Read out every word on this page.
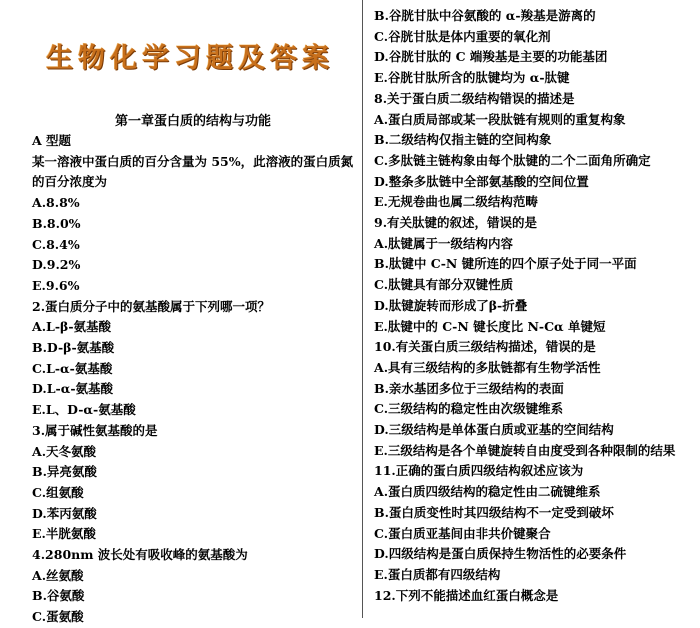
生物化学习题及答案
第一章蛋白质的结构与功能
A 型题
某一溶液中蛋白质的百分含量为 55%，此溶液的蛋白质氮的百分浓度为
A.8.8%
B.8.0%
C.8.4%
D.9.2%
E.9.6%
2.蛋白质分子中的氨基酸属于下列哪一项？
A.L-β-氨基酸
B.D-β-氨基酸
C.L-α-氨基酸
D.L-α-氨基酸
E.L、D-α-氨基酸
3.属于碱性氨基酸的是
A.天冬氨酸
B.异亮氨酸
C.组氨酸
D.苯丙氨酸
E.半胱氨酸
4.280nm 波长处有吸收峰的氨基酸为
A.丝氨酸
B.谷氨酸
C.蛋氨酸
B.谷胱甘肽中谷氨酸的 α-羧基是游离的
C.谷胱甘肽是体内重要的氧化剂
D.谷胱甘肽的 C 端羧基是主要的功能基团
E.谷胱甘肽所含的肽键均为 α-肽键
8.关于蛋白质二级结构错误的描述是
A.蛋白质局部或某一段肽链有规则的重复构象
B.二级结构仅指主链的空间构象
C.多肽链主链构象由每个肽键的二个二面角所确定
D.整条多肽链中全部氨基酸的空间位置
E.无规卷曲也属二级结构范畴
9.有关肽键的叙述，错误的是
A.肽键属于一级结构内容
B.肽键中 C-N 键所连的四个原子处于同一平面
C.肽键具有部分双键性质
D.肽键旋转而形成了β-折叠
E.肽键中的 C-N 键长度比 N-Cα 单键短
10.有关蛋白质三级结构描述，错误的是
A.具有三级结构的多肽链都有生物学活性
B.亲水基团多位于三级结构的表面
C.三级结构的稳定性由次级键维系
D.三级结构是单体蛋白质或亚基的空间结构
E.三级结构是各个单键旋转自由度受到各种限制的结果
11.正确的蛋白质四级结构叙述应该为
A.蛋白质四级结构的稳定性由二硫键维系
B.蛋白质变性时其四级结构不一定受到破坏
C.蛋白质亚基间由非共价键聚合
D.四级结构是蛋白质保持生物活性的必要条件
E.蛋白质都有四级结构
12.下列不能描述血红蛋白概念是
